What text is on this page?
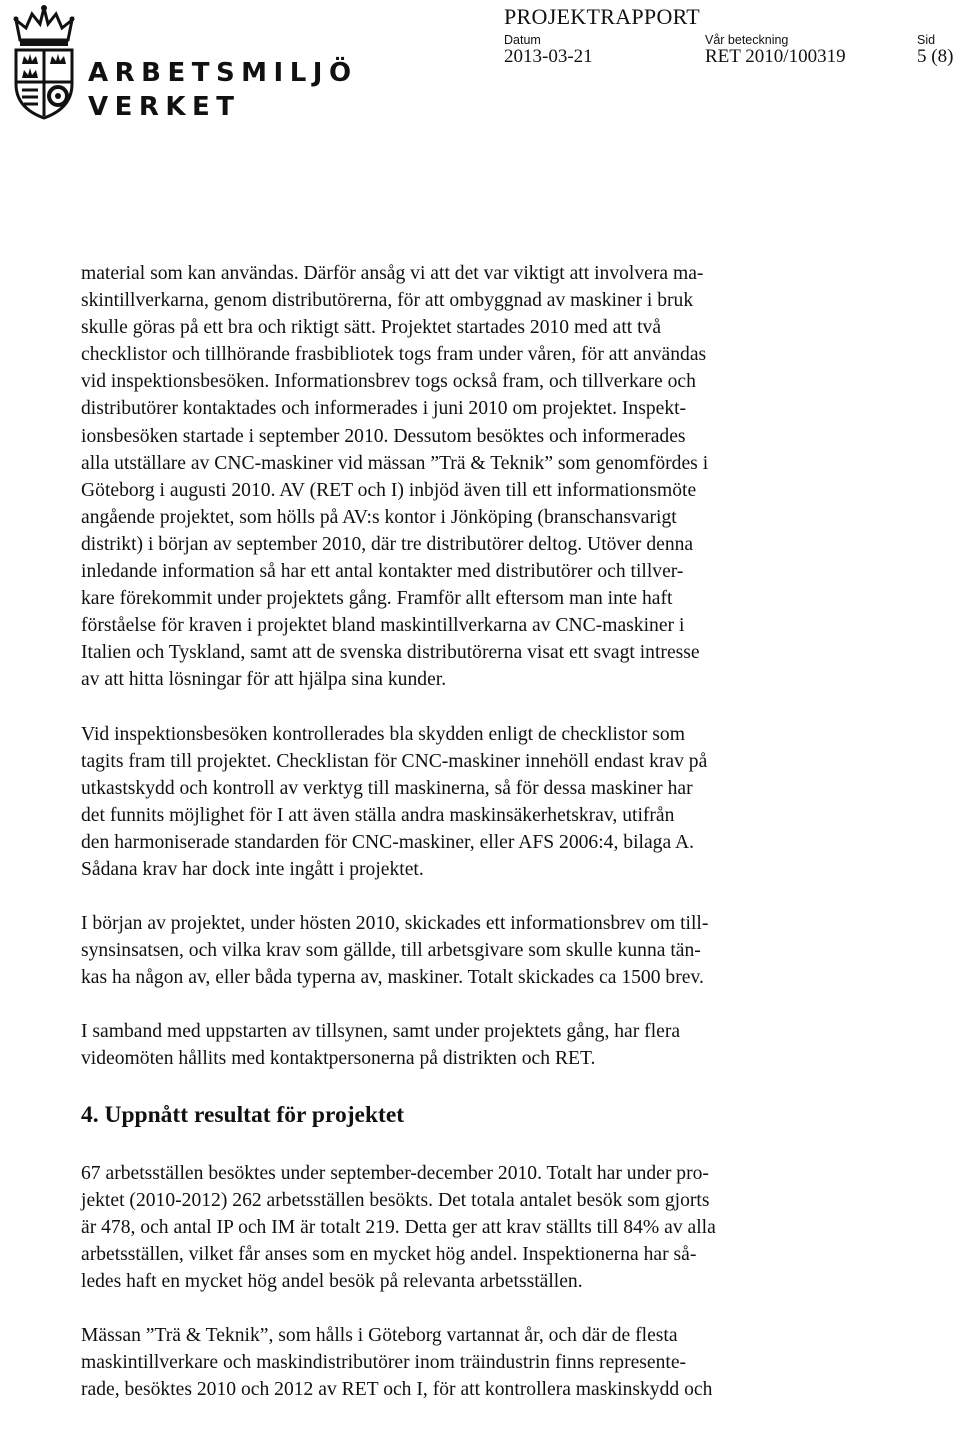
ARBETSMILJÖ
VERKET
PROJEKTRAPPORT
Datum	Vår beteckning	Sid
2013-03-21	RET 2010/100319	5 (8)

material som kan användas. Därför ansåg vi att det var viktigt att involvera ma-
skintillverkarna, genom distributörerna, för att ombyggnad av maskiner i bruk
skulle göras på ett bra och riktigt sätt. Projektet startades 2010 med att två
checklistor och tillhörande frasbibliotek togs fram under våren, för att användas
vid inspektionsbesöken. Informationsbrev togs också fram, och tillverkare och
distributörer kontaktades och informerades i juni 2010 om projektet. Inspekt-
ionsbesöken startade i september 2010. Dessutom besöktes och informerades
alla utställare av CNC-maskiner vid mässan ”Trä & Teknik” som genomfördes i
Göteborg i augusti 2010. AV (RET och I) inbjöd även till ett informationsmöte
angående projektet, som hölls på AV:s kontor i Jönköping (branschansvarigt
distrikt) i början av september 2010, där tre distributörer deltog. Utöver denna
inledande information så har ett antal kontakter med distributörer och tillver-
kare förekommit under projektets gång. Framför allt eftersom man inte haft
förståelse för kraven i projektet bland maskintillverkarna av CNC-maskiner i
Italien och Tyskland, samt att de svenska distributörerna visat ett svagt intresse
av att hitta lösningar för att hjälpa sina kunder.

Vid inspektionsbesöken kontrollerades bla skydden enligt de checklistor som
tagits fram till projektet. Checklistan för CNC-maskiner innehöll endast krav på
utkastskydd och kontroll av verktyg till maskinerna, så för dessa maskiner har
det funnits möjlighet för I att även ställa andra maskinsäkerhetskrav, utifrån
den harmoniserade standarden för CNC-maskiner, eller AFS 2006:4, bilaga A.
Sådana krav har dock inte ingått i projektet.

I början av projektet, under hösten 2010, skickades ett informationsbrev om till-
synsinsatsen, och vilka krav som gällde, till arbetsgivare som skulle kunna tän-
kas ha någon av, eller båda typerna av, maskiner. Totalt skickades ca 1500 brev.

I samband med uppstarten av tillsynen, samt under projektets gång, har flera
videomöten hållits med kontaktpersonerna på distrikten och RET.

4. Uppnått resultat för projektet

67 arbetsställen besöktes under september-december 2010. Totalt har under pro-
jektet (2010-2012) 262 arbetsställen besökts. Det totala antalet besök som gjorts
är 478, och antal IP och IM är totalt 219. Detta ger att krav ställts till 84% av alla
arbetsställen, vilket får anses som en mycket hög andel. Inspektionerna har så-
ledes haft en mycket hög andel besök på relevanta arbetsställen.

Mässan ”Trä & Teknik”, som hålls i Göteborg vartannat år, och där de flesta
maskintillverkare och maskindistributörer inom träindustrin finns represente-
rade, besöktes 2010 och 2012 av RET och I, för att kontrollera maskinskydd och
